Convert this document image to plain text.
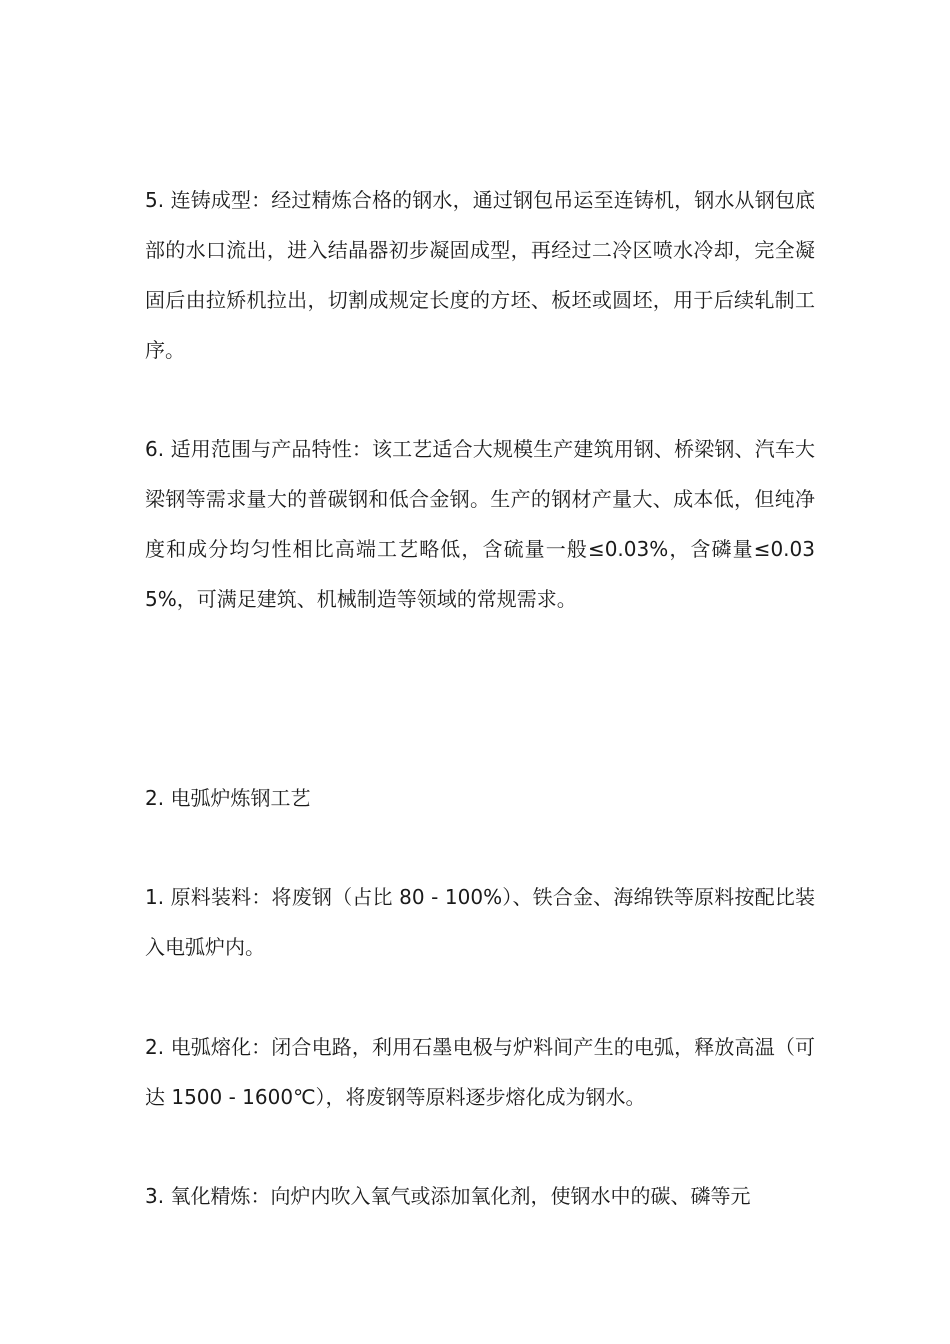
5. 连铸成型：经过精炼合格的钢水，通过钢包吊运至连铸机，钢水从钢包底部的水口流出，进入结晶器初步凝固成型，再经过二冷区喷水冷却，完全凝固后由拉矫机拉出，切割成规定长度的方坯、板坯或圆坯，用于后续轧制工序。

6. 适用范围与产品特性：该工艺适合大规模生产建筑用钢、桥梁钢、汽车大梁钢等需求量大的普碳钢和低合金钢。生产的钢材产量大、成本低，但纯净度和成分均匀性相比高端工艺略低，含硫量一般≤0.03%，含磷量≤0.035%，可满足建筑、机械制造等领域的常规需求。

2. 电弧炉炼钢工艺

1. 原料装料：将废钢（占比 80 - 100%）、铁合金、海绵铁等原料按配比装入电弧炉内。

2. 电弧熔化：闭合电路，利用石墨电极与炉料间产生的电弧，释放高温（可达 1500 - 1600℃），将废钢等原料逐步熔化成为钢水。

3. 氧化精炼：向炉内吹入氧气或添加氧化剂，使钢水中的碳、磷等元
